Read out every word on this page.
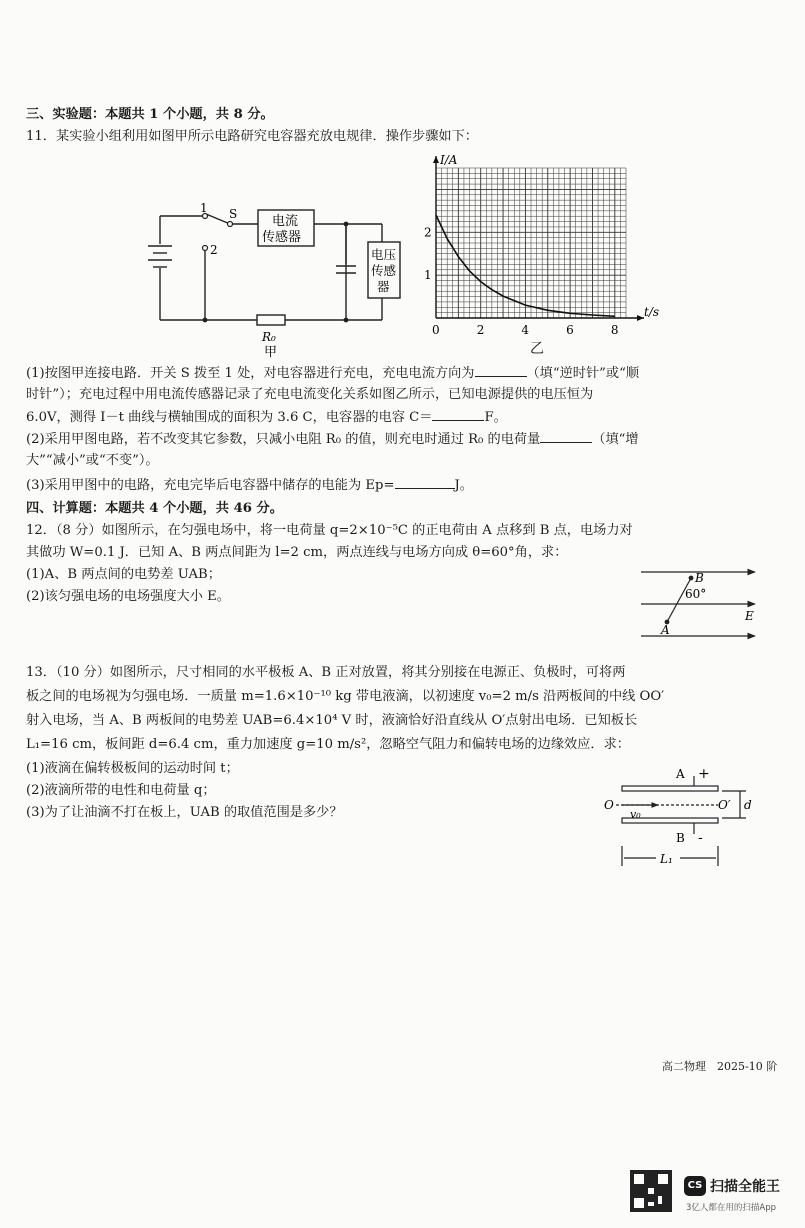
三、实验题：本题共 1 个小题，共 8 分。
11．某实验小组利用如图甲所示电路研究电容器充放电规律．操作步骤如下：
1
2
S	电流
传感器
电压
传感
器
R₀
甲
t/s
I/A
0	2	4	6	8
1
2
乙
(1)按图甲连接电路．开关 S 拨至 1 处，对电容器进行充电，充电电流方向为	（填“逆时针”或“顺
时针”）；充电过程中用电流传感器记录了充电电流变化关系如图乙所示，已知电源提供的电压恒为
6.0V，测得 I－t 曲线与横轴围成的面积为 3.6 C，电容器的电容 C＝	F。
(2)采用甲图电路，若不改变其它参数，只减小电阻 R₀ 的值，则充电时通过 R₀ 的电荷量	（填“增
大”“减小”或“不变”）。
(3)采用甲图中的电路，充电完毕后电容器中储存的电能为 Ep=	J。
四、计算题：本题共 4 个小题，共 46 分。
12．（8 分）如图所示，在匀强电场中，将一电荷量 q=2×10⁻⁵C 的正电荷由 A 点移到 B 点，电场力对
其做功 W=0.1 J．已知 A、B 两点间距为 l=2 cm，两点连线与电场方向成 θ=60°角，求：
(1)A、B 两点间的电势差 UAB；
(2)该匀强电场的电场强度大小 E。
A
B
60°
E
13．（10 分）如图所示，尺寸相同的水平极板 A、B 正对放置，将其分别接在电源正、负极时，可将两
板之间的电场视为匀强电场．一质量 m=1.6×10⁻¹⁰ kg 带电液滴，以初速度 v₀=2 m/s 沿两板间的中线 OO′
射入电场，当 A、B 两板间的电势差 UAB=6.4×10⁴ V 时，液滴恰好沿直线从 O′点射出电场．已知板长
L₁=16 cm，板间距 d=6.4 cm，重力加速度 g=10 m/s²，忽略空气阻力和偏转电场的边缘效应．求：
(1)液滴在偏转极板间的运动时间 t；
(2)液滴所带的电性和电荷量 q；
(3)为了让油滴不打在板上，UAB 的取值范围是多少？
A +
B -
O	O′
v₀
d
L₁
高二物理　2025-10 阶
CS 扫描全能王
3亿人都在用的扫描App
